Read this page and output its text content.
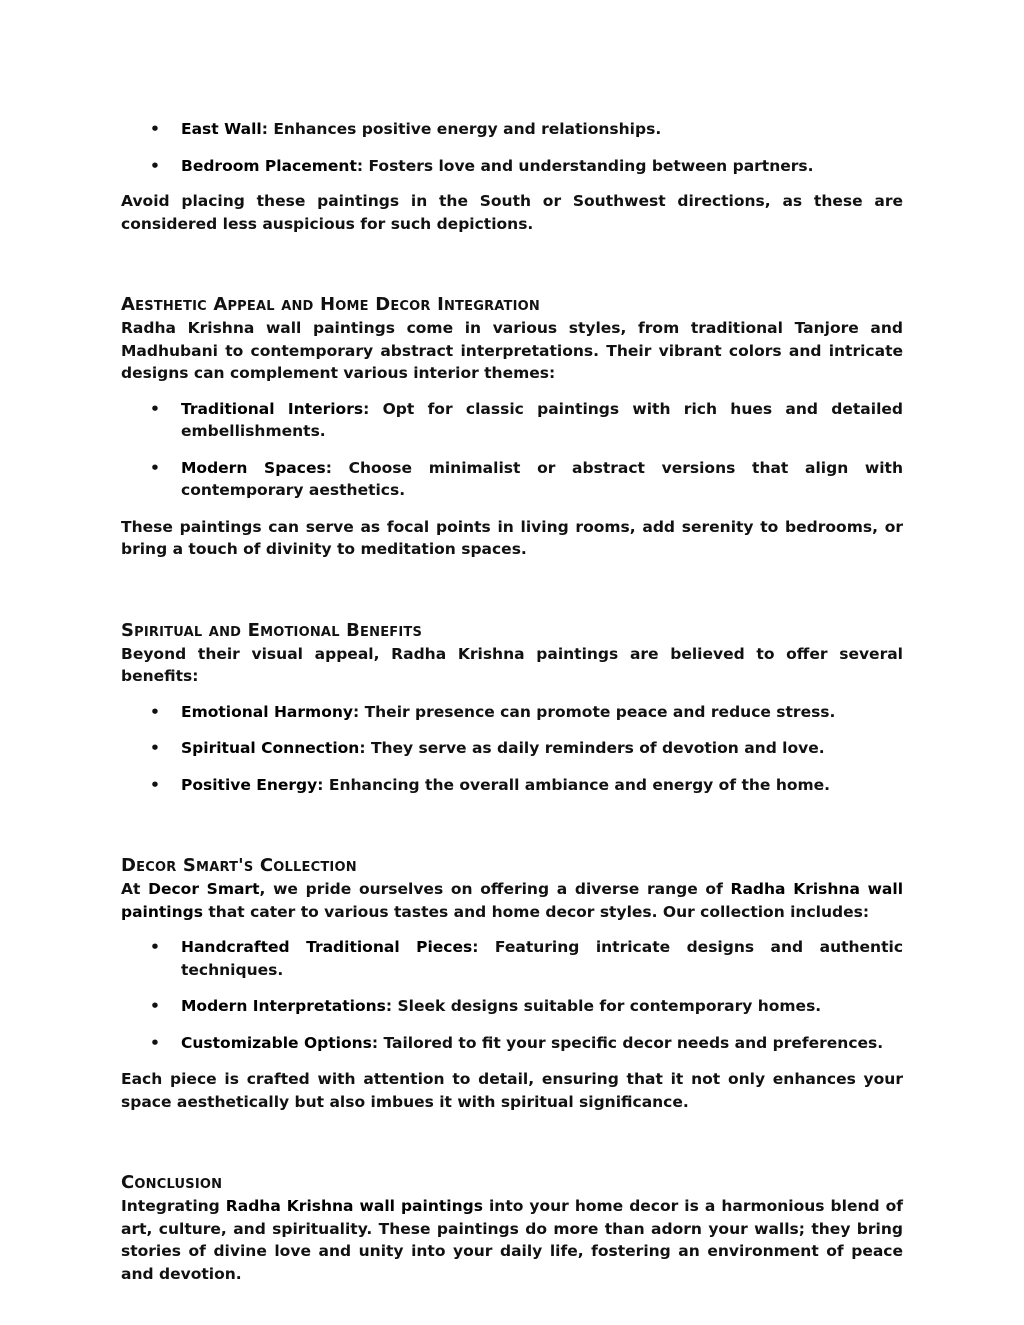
• East Wall: Enhances positive energy and relationships.
• Bedroom Placement: Fosters love and understanding between partners.

Avoid placing these paintings in the South or Southwest directions, as these are considered less auspicious for such depictions.

Aesthetic Appeal and Home Decor Integration

Radha Krishna wall paintings come in various styles, from traditional Tanjore and Madhubani to contemporary abstract interpretations. Their vibrant colors and intricate designs can complement various interior themes:

• Traditional Interiors: Opt for classic paintings with rich hues and detailed embellishments.
• Modern Spaces: Choose minimalist or abstract versions that align with contemporary aesthetics.

These paintings can serve as focal points in living rooms, add serenity to bedrooms, or bring a touch of divinity to meditation spaces.

Spiritual and Emotional Benefits

Beyond their visual appeal, Radha Krishna paintings are believed to offer several benefits:

• Emotional Harmony: Their presence can promote peace and reduce stress.
• Spiritual Connection: They serve as daily reminders of devotion and love.
• Positive Energy: Enhancing the overall ambiance and energy of the home.
Decor Smart's Collection

At Decor Smart, we pride ourselves on offering a diverse range of Radha Krishna wall paintings that cater to various tastes and home decor styles. Our collection includes:

• Handcrafted Traditional Pieces: Featuring intricate designs and authentic techniques.
• Modern Interpretations: Sleek designs suitable for contemporary homes.
• Customizable Options: Tailored to fit your specific decor needs and preferences.

Each piece is crafted with attention to detail, ensuring that it not only enhances your space aesthetically but also imbues it with spiritual significance.

Conclusion

Integrating Radha Krishna wall paintings into your home decor is a harmonious blend of art, culture, and spirituality. These paintings do more than adorn your walls; they bring stories of divine love and unity into your daily life, fostering an environment of peace and devotion.
